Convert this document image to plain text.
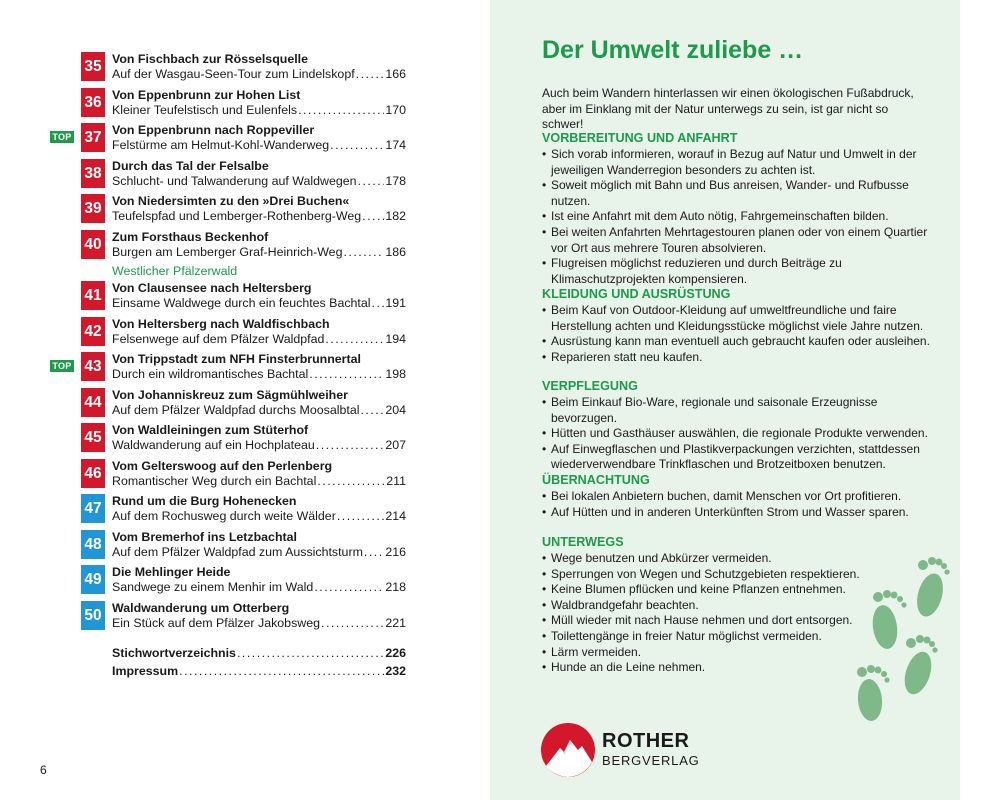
35 Von Fischbach zur Rösselsquelle
Auf der Wasgau-Seen-Tour zum Lindelskopf ..... 166
36 Von Eppenbrunn zur Hohen List
Kleiner Teufelstisch und Eulenfels .....	170
TOP 37 Von Eppenbrunn nach Roppeviller
Felstürme am Helmut-Kohl-Wanderweg .....	174
38 Durch das Tal der Felsalbe
Schlucht- und Talwanderung auf Waldwegen ..... 178
39 Von Niedersimten zu den »Drei Buchen«
Teufelspfad und Lemberger-Rothenberg-Weg ..... 182
40 Zum Forsthaus Beckenhof
Burgen am Lemberger Graf-Heinrich-Weg .....	186
Westlicher Pfälzerwald
41 Von Clausensee nach Heltersberg
Einsame Waldwege durch ein feuchtes Bachtal ..... 191
42 Von Heltersberg nach Waldfischbach
Felsenwege auf dem Pfälzer Waldpfad .....	194
TOP 43 Von Trippstadt zum NFH Finsterbrunnertal
Durch ein wildromantisches Bachtal .....	198
44 Von Johanniskreuz zum Sägmühlweiher
Auf dem Pfälzer Waldpfad durchs Moosalbtal ..... 204
45 Von Waldleiningen zum Stüterhof
Waldwanderung auf ein Hochplateau .....	207
46 Vom Gelterswoog auf den Perlenberg
Romantischer Weg durch ein Bachtal .....	211
47 Rund um die Burg Hohenecken
Auf dem Rochusweg durch weite Wälder .....	214
48 Vom Bremerhof ins Letzbachtal
Auf dem Pfälzer Waldpfad zum Aussichtsturm ..... 216
49 Die Mehlinger Heide
Sandwege zu einem Menhir im Wald .....	218
50 Waldwanderung um Otterberg
Ein Stück auf dem Pfälzer Jakobsweg .....	221
6
Stichwortverzeichnis .....	226
Impressum .....	232
Der Umwelt zuliebe …

Auch beim Wandern hinterlassen wir einen ökologischen Fußabdruck, aber im Einklang mit der Natur unterwegs zu sein, ist gar nicht so schwer!

VORBEREITUNG UND ANFAHRT
• Sich vorab informieren, worauf in Bezug auf Natur und Umwelt in der jeweiligen Wanderregion besonders zu achten ist.
• Soweit möglich mit Bahn und Bus anreisen, Wander- und Rufbusse nutzen.
• Ist eine Anfahrt mit dem Auto nötig, Fahrgemeinschaften bilden.
• Bei weiten Anfahrten Mehrtagestouren planen oder von einem Quartier vor Ort aus mehrere Touren absolvieren.
• Flugreisen möglichst reduzieren und durch Beiträge zu Klimaschutzprojekten kompensieren.
KLEIDUNG UND AUSRÜSTUNG
• Beim Kauf von Outdoor-Kleidung auf umweltfreundliche und faire Herstellung achten und Kleidungsstücke möglichst viele Jahre nutzen.
• Ausrüstung kann man eventuell auch gebraucht kaufen oder ausleihen.
• Reparieren statt neu kaufen.
VERPFLEGUNG
• Beim Einkauf Bio-Ware, regionale und saisonale Erzeugnisse bevorzugen.
• Hütten und Gasthäuser auswählen, die regionale Produkte verwenden.
• Auf Einwegflaschen und Plastikverpackungen verzichten, stattdessen wiederverwendbare Trinkflaschen und Brotzeitboxen benutzen.
ÜBERNACHTUNG
• Bei lokalen Anbietern buchen, damit Menschen vor Ort profitieren.
• Auf Hütten und in anderen Unterkünften Strom und Wasser sparen.
UNTERWEGS
• Wege benutzen und Abkürzer vermeiden.
• Sperrungen von Wegen und Schutzgebieten respektieren.
• Keine Blumen pflücken und keine Pflanzen entnehmen.
• Waldbrandgefahr beachten.
• Müll wieder mit nach Hause nehmen und dort entsorgen.
• Toilettengänge in freier Natur möglichst vermeiden.
• Lärm vermeiden.
• Hunde an die Leine nehmen.
ROTHER
BERGVERLAG
